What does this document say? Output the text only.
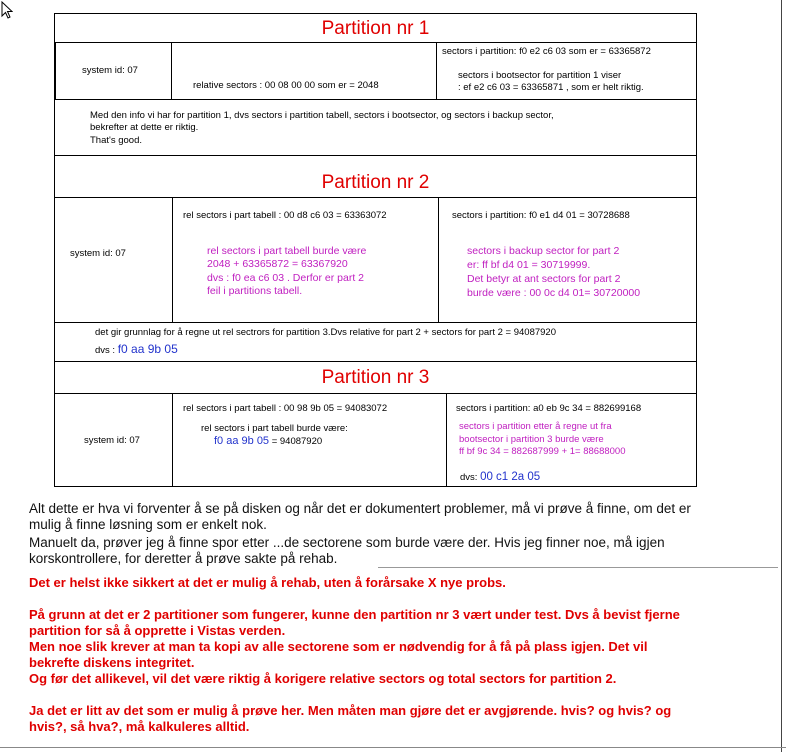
Partition nr 1
system id: 07
relative sectors : 00 08 00 00 som er = 2048
sectors i partition: f0 e2 c6 03 som er = 63365872
sectors i bootsector for partition 1 viser
: ef e2 c6 03 = 63365871 , som er helt riktig.
Med den info vi har for partition 1, dvs sectors i partition tabell, sectors i bootsector, og sectors i backup sector,
bekrefter at dette er riktig.
That's good.
Partition nr 2
system id: 07
rel sectors i part tabell : 00 d8 c6 03 = 63363072
rel sectors i part tabell burde være
2048 + 63365872 = 63367920
dvs : f0 ea c6 03 . Derfor er part 2
feil i partitions tabell.
sectors i partition: f0 e1 d4 01 = 30728688
sectors i backup sector for part 2
er: ff bf d4 01 = 30719999.
Det betyr at ant sectors for part 2
burde være : 00 0c d4 01= 30720000
det gir grunnlag for å regne ut rel sectrors for partition 3.Dvs relative for part 2 + sectors for part 2 = 94087920
dvs : f0 aa 9b 05
Partition nr 3
system id: 07
rel sectors i part tabell : 00 98 9b 05 = 94083072
rel sectors i part tabell burde være:
f0 aa 9b 05 = 94087920
sectors i partition: a0 eb 9c 34 = 882699168
sectors i partition etter å regne ut fra
bootsector i partition 3 burde være
ff bf 9c 34 = 882687999 + 1= 88688000
dvs: 00 c1 2a 05
Alt dette er hva vi forventer å se på disken og når det er dokumentert problemer, må vi prøve å finne, om det er
mulig å finne løsning som er enkelt nok.
Manuelt da, prøver jeg å finne spor etter ...de sectorene som burde være der. Hvis jeg finner noe, må igjen
korskontrollere, for deretter å prøve sakte på rehab.
Det er helst ikke sikkert at det er mulig å rehab, uten å forårsake X nye probs.
På grunn at det er 2 partitioner som fungerer, kunne den partition nr 3 vært under test. Dvs å bevist fjerne
partition for så å opprette i Vistas verden.
Men noe slik krever at man ta kopi av alle sectorene som er nødvendig for å få på plass igjen. Det vil
bekrefte diskens integritet.
Og før det allikevel, vil det være riktig å korigere relative sectors og total sectors for partition 2.
Ja det er litt av det som er mulig å prøve her. Men måten man gjøre det er avgjørende. hvis? og hvis? og
hvis?, så hva?, må kalkuleres alltid.
